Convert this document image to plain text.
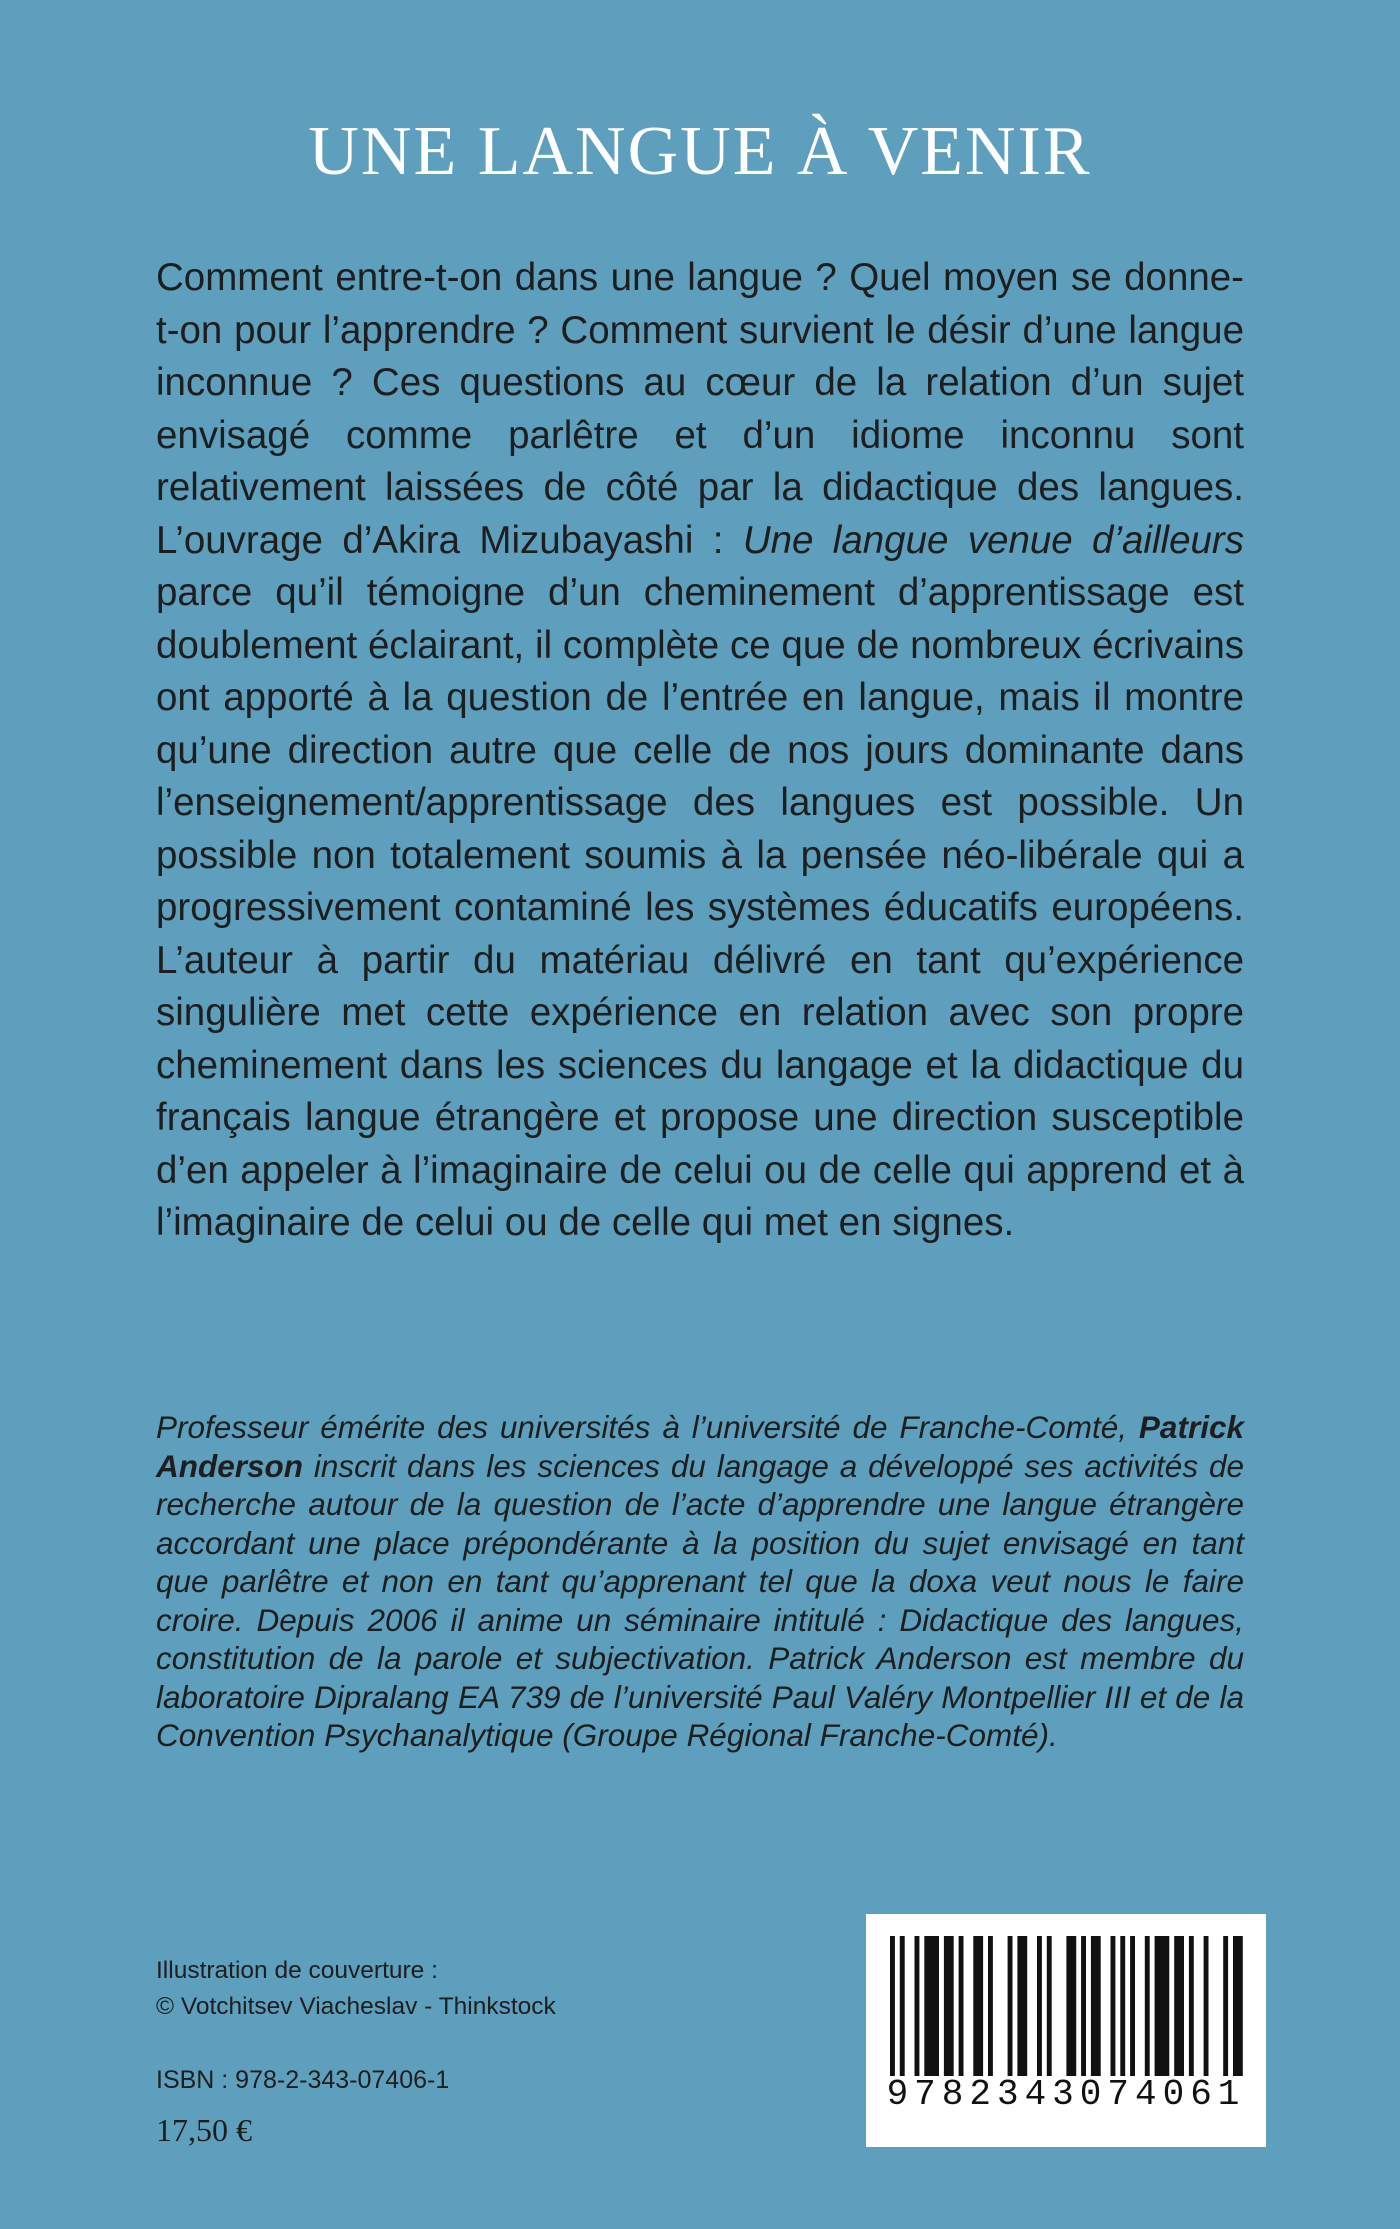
UNE LANGUE À VENIR

Comment entre-t-on dans une langue ? Quel moyen se donne-t-on pour l’apprendre ? Comment survient le désir d’une langue inconnue ? Ces questions au cœur de la relation d’un sujet envisagé comme parlêtre et d’un idiome inconnu sont relativement laissées de côté par la didactique des langues. L’ouvrage d’Akira Mizubayashi : Une langue venue d’ailleurs parce qu’il témoigne d’un cheminement d’apprentissage est doublement éclairant, il complète ce que de nombreux écrivains ont apporté à la question de l’entrée en langue, mais il montre qu’une direction autre que celle de nos jours dominante dans l’enseignement/apprentissage des langues est possible. Un possible non totalement soumis à la pensée néo-libérale qui a progressivement contaminé les systèmes éducatifs européens. L’auteur à partir du matériau délivré en tant qu’expérience singulière met cette expérience en relation avec son propre cheminement dans les sciences du langage et la didactique du français langue étrangère et propose une direction susceptible d’en appeler à l’imaginaire de celui ou de celle qui apprend et à l’imaginaire de celui ou de celle qui met en signes.

Professeur émérite des universités à l’université de Franche-Comté, Patrick Anderson inscrit dans les sciences du langage a développé ses activités de recherche autour de la question de l’acte d’apprendre une langue étrangère accordant une place prépondérante à la position du sujet envisagé en tant que parlêtre et non en tant qu’apprenant tel que la doxa veut nous le faire croire. Depuis 2006 il anime un séminaire intitulé : Didactique des langues, constitution de la parole et subjectivation. Patrick Anderson est membre du laboratoire Dipralang EA 739 de l’université Paul Valéry Montpellier III et de la Convention Psychanalytique (Groupe Régional Franche-Comté).

Illustration de couverture :
© Votchitsev Viacheslav - Thinkstock
ISBN : 978-2-343-07406-1
17,50 €
9782343074061
